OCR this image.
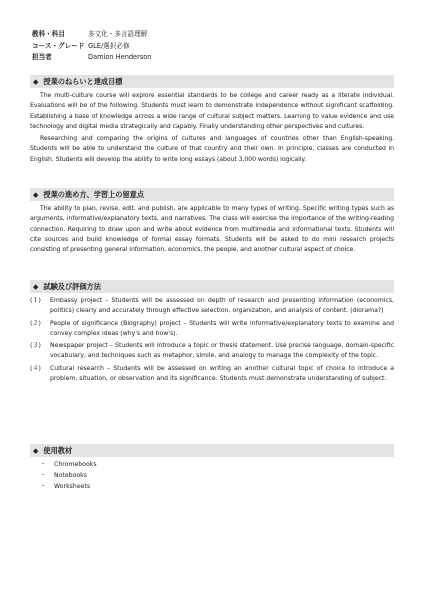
教科・科目	多文化・多言語理解
コース・グレード GLE/選択必修
担当者	Damion Henderson
◆ 授業のねらいと達成目標

The multi-culture course will explore essential standards to be college and career ready as a literate individual. Evaluations will be of the following. Students must learn to demonstrate independence without significant scaffolding. Establishing a base of knowledge across a wide range of cultural subject matters. Learning to value evidence and use technology and digital media strategically and capably. Finally understanding other perspectives and cultures.

Researching and comparing the origins of cultures and languages of countries other than English-speaking. Students will be able to understand the culture of that country and their own. In principle, classes are conducted in English. Students will develop the ability to write long essays (about 3,000 words) logically.

◆ 授業の進め方、学習上の留意点

The ability to plan, revise, edit, and publish, are applicable to many types of writing. Specific writing types such as arguments, informative/explanatory texts, and narratives. The class will exercise the importance of the writing-reading connection. Requiring to draw upon and write about evidence from multimedia and informational texts. Students will cite sources and build knowledge of formal essay formats. Students will be asked to do mini research projects consisting of presenting general information, economics, the people, and another cultural aspect of choice.

◆ 試験及び評価方法
(１)	Embassy project – Students will be assessed on depth of research and presenting information (economics, politics) clearly and accurately through effective selection, organization, and analysis of content. (diorama?)
(２)	People of significance (Biography) project – Students will write informative/explanatory texts to examine and convey complex ideas (why's and how's).
(３)	Newspaper project – Students will introduce a topic or thesis statement. Use precise language, domain-specific vocabulary, and techniques such as metaphor, simile, and analogy to manage the complexity of the topic.
(４)	Cultural research – Students will be assessed on writing an another cultural topic of choice to introduce a problem, situation, or observation and its significance. Students must demonstrate understanding of subject.
◆ 使用教材
・	Chromebooks
・	Notebooks
・	Worksheets
